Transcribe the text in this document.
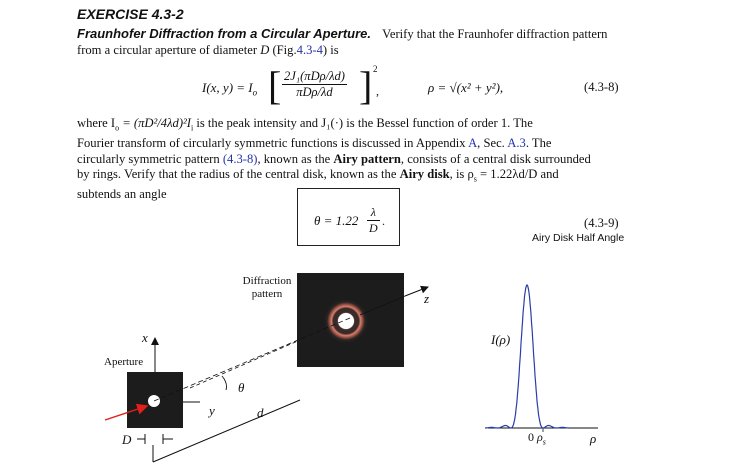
EXERCISE 4.3-2
Fraunhofer Diffraction from a Circular Aperture. Verify that the Fraunhofer diffraction pattern from a circular aperture of diameter D (Fig.4.3-4) is
I(x, $y) = I_o$ [ 2J₁(πDρ/λd)
πDρ/λd ] 2
,	ρ = √(x² + y²),	(4.3-8)
where $I_o = (\pi D^2/4\lambda d)^2I_i$ is the peak intensity and J₁(·) is the Bessel function of order 1. The
Fourier transform of circularly symmetric functions is discussed in Appendix A, Sec. A.3. The
circularly symmetric pattern (4.3-8), known as the Airy pattern, consists of a central disk surrounded
by rings. Verify that the radius of the central disk, known as the Airy disk, is $\rho_s = 1.22\lambda d/D$ and
subtends an angle
$\theta = 1.22 \frac{\lambda}{D}$ .	(4.3-9)
Airy Disk Half Angle
Diffraction
pattern
Aperture
x
y
z
θ
d
D
I(ρ)
0 $\rho_s$	ρ
